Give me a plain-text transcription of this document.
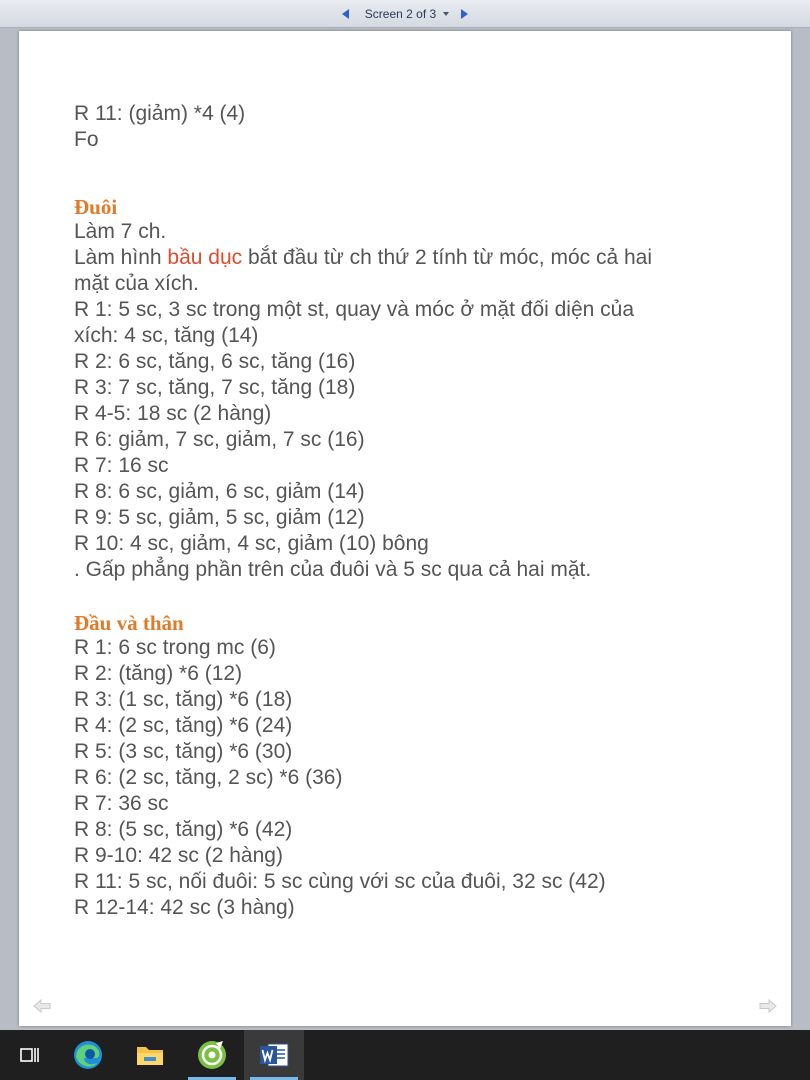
Screen 2 of 3
R 11: (giảm) *4 (4)
Fo
Đuôi
Làm 7 ch.
Làm hình bầu dục bắt đầu từ ch thứ 2 tính từ móc, móc cả hai
mặt của xích.
R 1: 5 sc, 3 sc trong một st, quay và móc ở mặt đối diện của
xích: 4 sc, tăng (14)
R 2: 6 sc, tăng, 6 sc, tăng (16)
R 3: 7 sc, tăng, 7 sc, tăng (18)
R 4-5: 18 sc (2 hàng)
R 6: giảm, 7 sc, giảm, 7 sc (16)
R 7: 16 sc
R 8: 6 sc, giảm, 6 sc, giảm (14)
R 9: 5 sc, giảm, 5 sc, giảm (12)
R 10: 4 sc, giảm, 4 sc, giảm (10) bông
. Gấp phẳng phần trên của đuôi và 5 sc qua cả hai mặt.
Đầu và thân
R 1: 6 sc trong mc (6)
R 2: (tăng) *6 (12)
R 3: (1 sc, tăng) *6 (18)
R 4: (2 sc, tăng) *6 (24)
R 5: (3 sc, tăng) *6 (30)
R 6: (2 sc, tăng, 2 sc) *6 (36)
R 7: 36 sc
R 8: (5 sc, tăng) *6 (42)
R 9-10: 42 sc (2 hàng)
R 11: 5 sc, nối đuôi: 5 sc cùng với sc của đuôi, 32 sc (42)
R 12-14: 42 sc (3 hàng)
